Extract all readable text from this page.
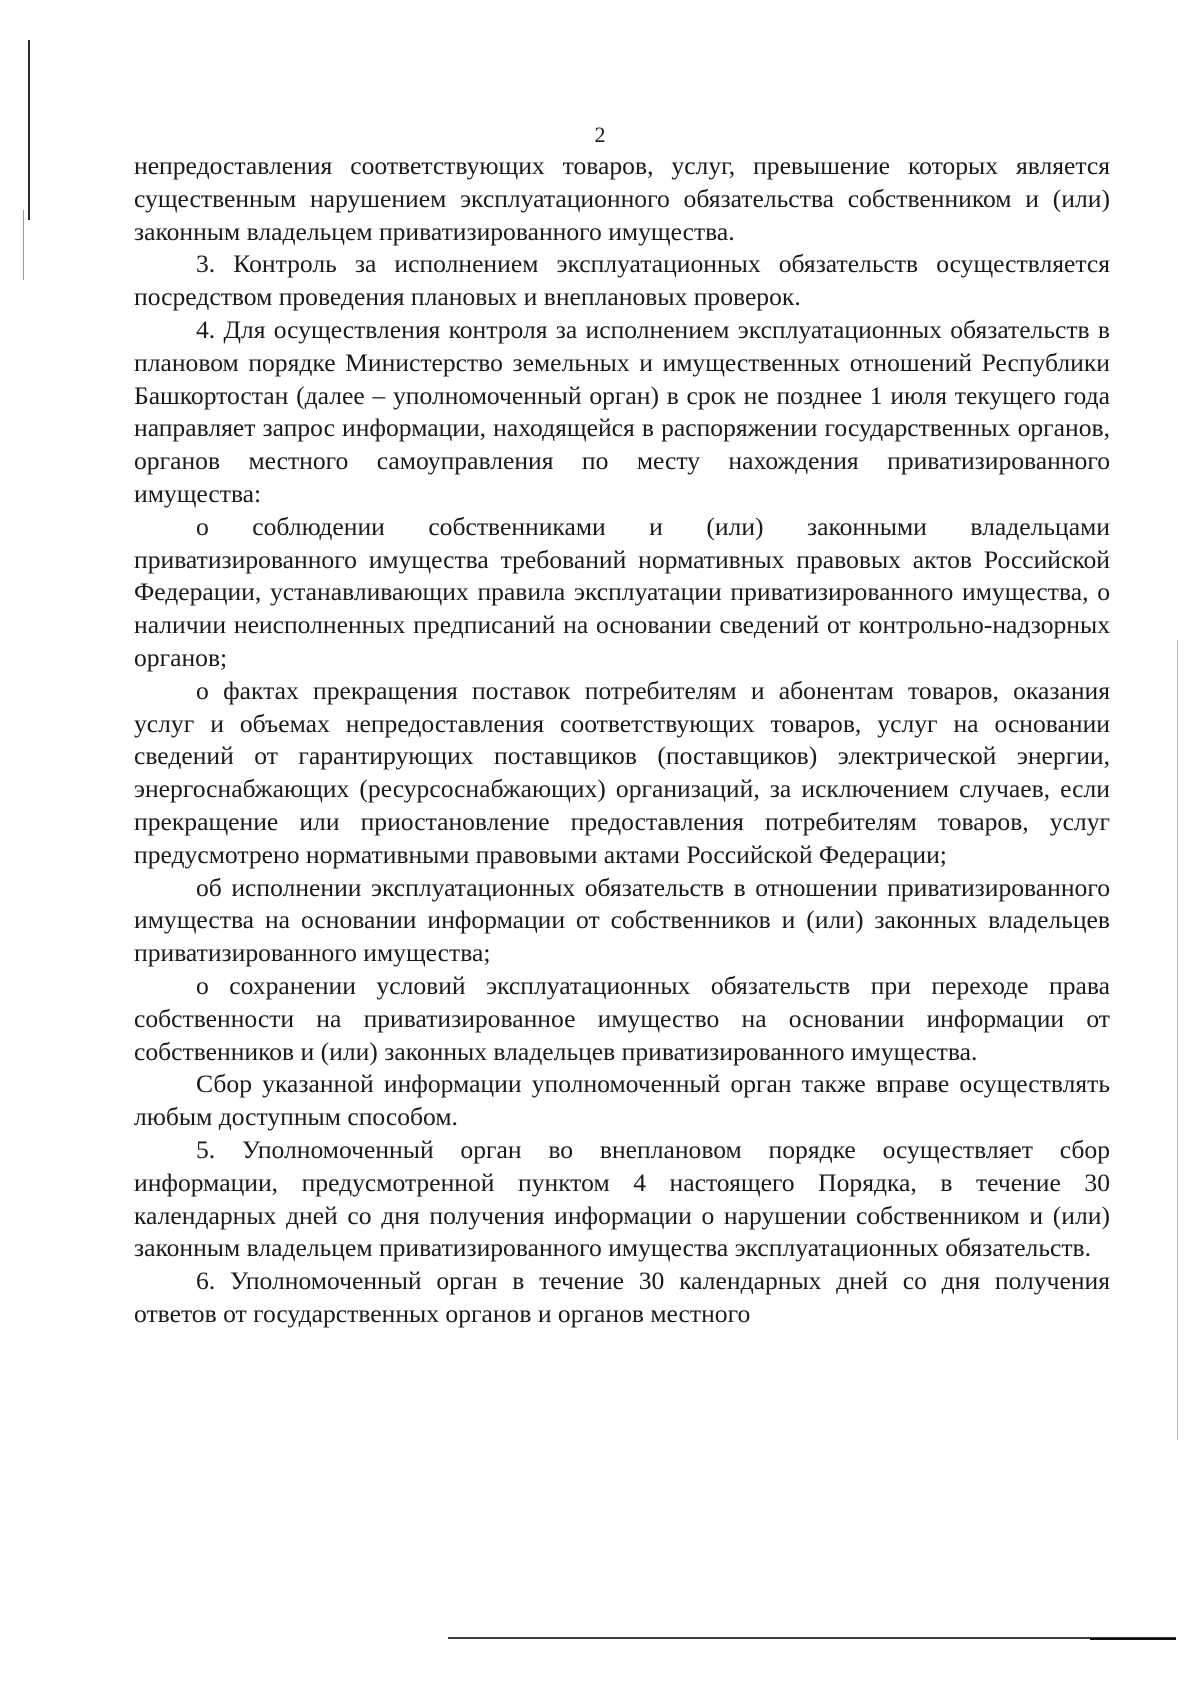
2

непредоставления соответствующих товаров, услуг, превышение которых является существенным нарушением эксплуатационного обязательства собственником и (или) законным владельцем приватизированного имущества.

3. Контроль за исполнением эксплуатационных обязательств осуществляется посредством проведения плановых и внеплановых проверок.

4. Для осуществления контроля за исполнением эксплуатационных обязательств в плановом порядке Министерство земельных и имущественных отношений Республики Башкортостан (далее – уполномоченный орган) в срок не позднее 1 июля текущего года направляет запрос информации, находящейся в распоряжении государственных органов, органов местного самоуправления по месту нахождения приватизированного имущества:

о соблюдении собственниками и (или) законными владельцами приватизированного имущества требований нормативных правовых актов Российской Федерации, устанавливающих правила эксплуатации приватизированного имущества, о наличии неисполненных предписаний на основании сведений от контрольно-надзорных органов;

о фактах прекращения поставок потребителям и абонентам товаров, оказания услуг и объемах непредоставления соответствующих товаров, услуг на основании сведений от гарантирующих поставщиков (поставщиков) электрической энергии, энергоснабжающих (ресурсоснабжающих) организаций, за исключением случаев, если прекращение или приостановление предоставления потребителям товаров, услуг предусмотрено нормативными правовыми актами Российской Федерации;

об исполнении эксплуатационных обязательств в отношении приватизированного имущества на основании информации от собственников и (или) законных владельцев приватизированного имущества;

о сохранении условий эксплуатационных обязательств при переходе права собственности на приватизированное имущество на основании информации от собственников и (или) законных владельцев приватизированного имущества.

Сбор указанной информации уполномоченный орган также вправе осуществлять любым доступным способом.

5. Уполномоченный орган во внеплановом порядке осуществляет сбор информации, предусмотренной пунктом 4 настоящего Порядка, в течение 30 календарных дней со дня получения информации о нарушении собственником и (или) законным владельцем приватизированного имущества эксплуатационных обязательств.

6. Уполномоченный орган в течение 30 календарных дней со дня получения ответов от государственных органов и органов местного
